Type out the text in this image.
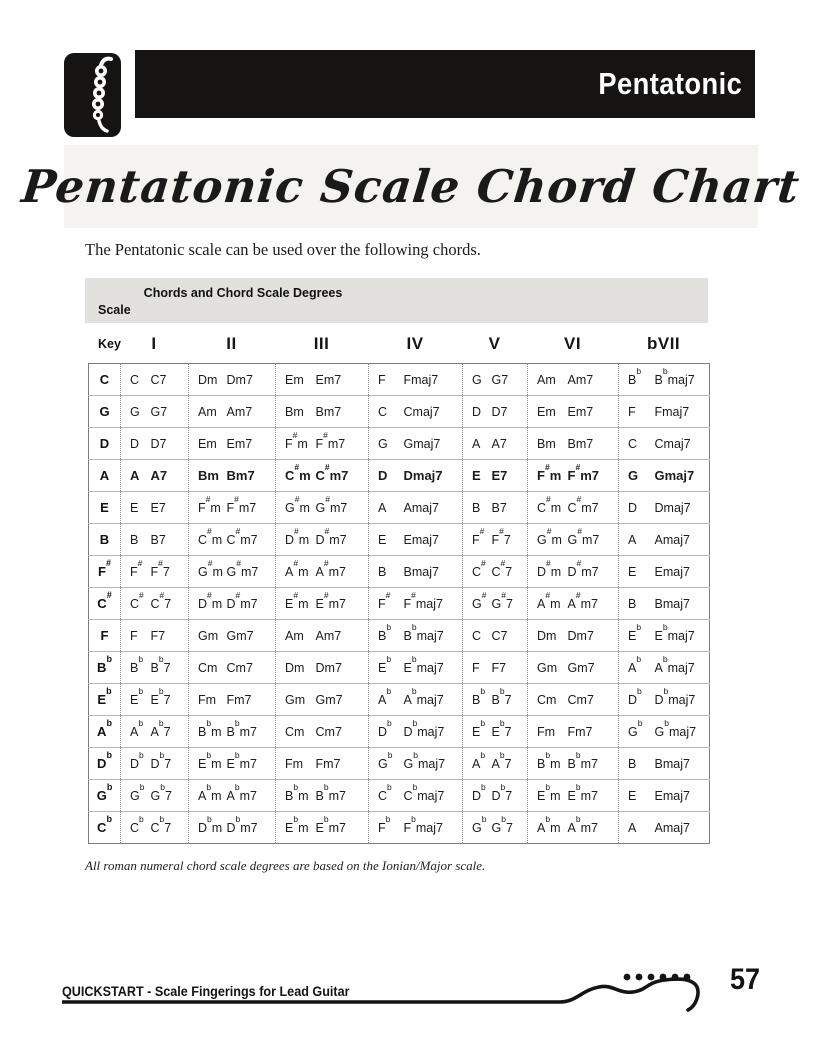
Pentatonic
Pentatonic Scale Chord Chart
The Pentatonic scale can be used over the following chords.

Scale

Key

Chords and Chord Scale Degrees
	I	II	III	IV	V	VI	bVII
C	C	C7	Dm	Dm7	Em	Em7	F	Fmaj7	G	G7	Am	Am7	$B^b$	$B^bmaj7$
G	G	G7	Am	Am7	Bm	Bm7	C	Cmaj7	D	D7	Em	Em7	F	Fmaj7
D	D	D7	Em	Em7	F#m	F#m7	G	Gmaj7	A	A7	Bm	Bm7	C	Cmaj7
A	A	A7	Bm	Bm7	C#m	C#m7	D	Dmaj7	E	E7	F#m	F#m7	G	Gmaj7
E	E	E7	F#m	F#m7	G#m	G#m7	A	Amaj7	B	B7	C#m	C#m7	D	Dmaj7
B	B	B7	C#m	C#m7	D#m	D#m7	E	Emaj7	F#	F#7	G#m	G#m7	A	Amaj7
F#	F#	F#7	G#m	G#m7	A#m	A#m7	B	Bmaj7	C#	C#7	D#m	D#m7	E	Emaj7
C#	C#	C#7	D#m	D#m7	E#m	E#m7	F#	F#maj7	G#	G#7	A#m	A#m7	B	Bmaj7
F	F	F7	Gm	Gm7	Am	Am7	$B^b$	$B^bmaj7$	C	C7	Dm	Dm7	$E^b$	$E^bmaj7$
$B^b$	$B^b$	$B^b7$	Cm	Cm7	Dm	Dm7	$E^b$	$E^bmaj7$	F	F7	Gm	Gm7	$A^b$	$A^bmaj7$
$E^b$	$E^b$	$E^b7$	Fm	Fm7	Gm	Gm7	$A^b$	$A^bmaj7$	$B^b$	$B^b7$	Cm	Cm7	$D^b$	$D^bmaj7$
$A^b$	$A^b$	$A^b7$	$B^bm$	$B^bm7$	Cm	Cm7	$D^b$	$D^bmaj7$	$E^b$	$E^b7$	Fm	Fm7	$G^b$	$G^bmaj7$
$D^b$	$D^b$	$D^b7$	$E^bm$	$E^bm7$	Fm	Fm7	$G^b$	$G^bmaj7$	$A^b$	$A^b7$	$B^bm$	$B^bm7$	B	Bmaj7
$G^b$	$G^b$	$G^b7$	$A^bm$	$A^bm7$	$B^bm$	$B^bm7$	$C^b$	$C^bmaj7$	$D^b$	$D^b7$	$E^bm$	$E^bm7$	E	Emaj7
$C^b$	$C^b$	$C^b7$	$D^bm$	$D^bm7$	$E^bm$	$E^bm7$	$F^b$	$F^bmaj7$	$G^b$	$G^b7$	$A^bm$	$A^bm7$	A	Amaj7
All roman numeral chord scale degrees are based on the Ionian/Major scale.
QUICKSTART - Scale Fingerings for Lead Guitar	57
